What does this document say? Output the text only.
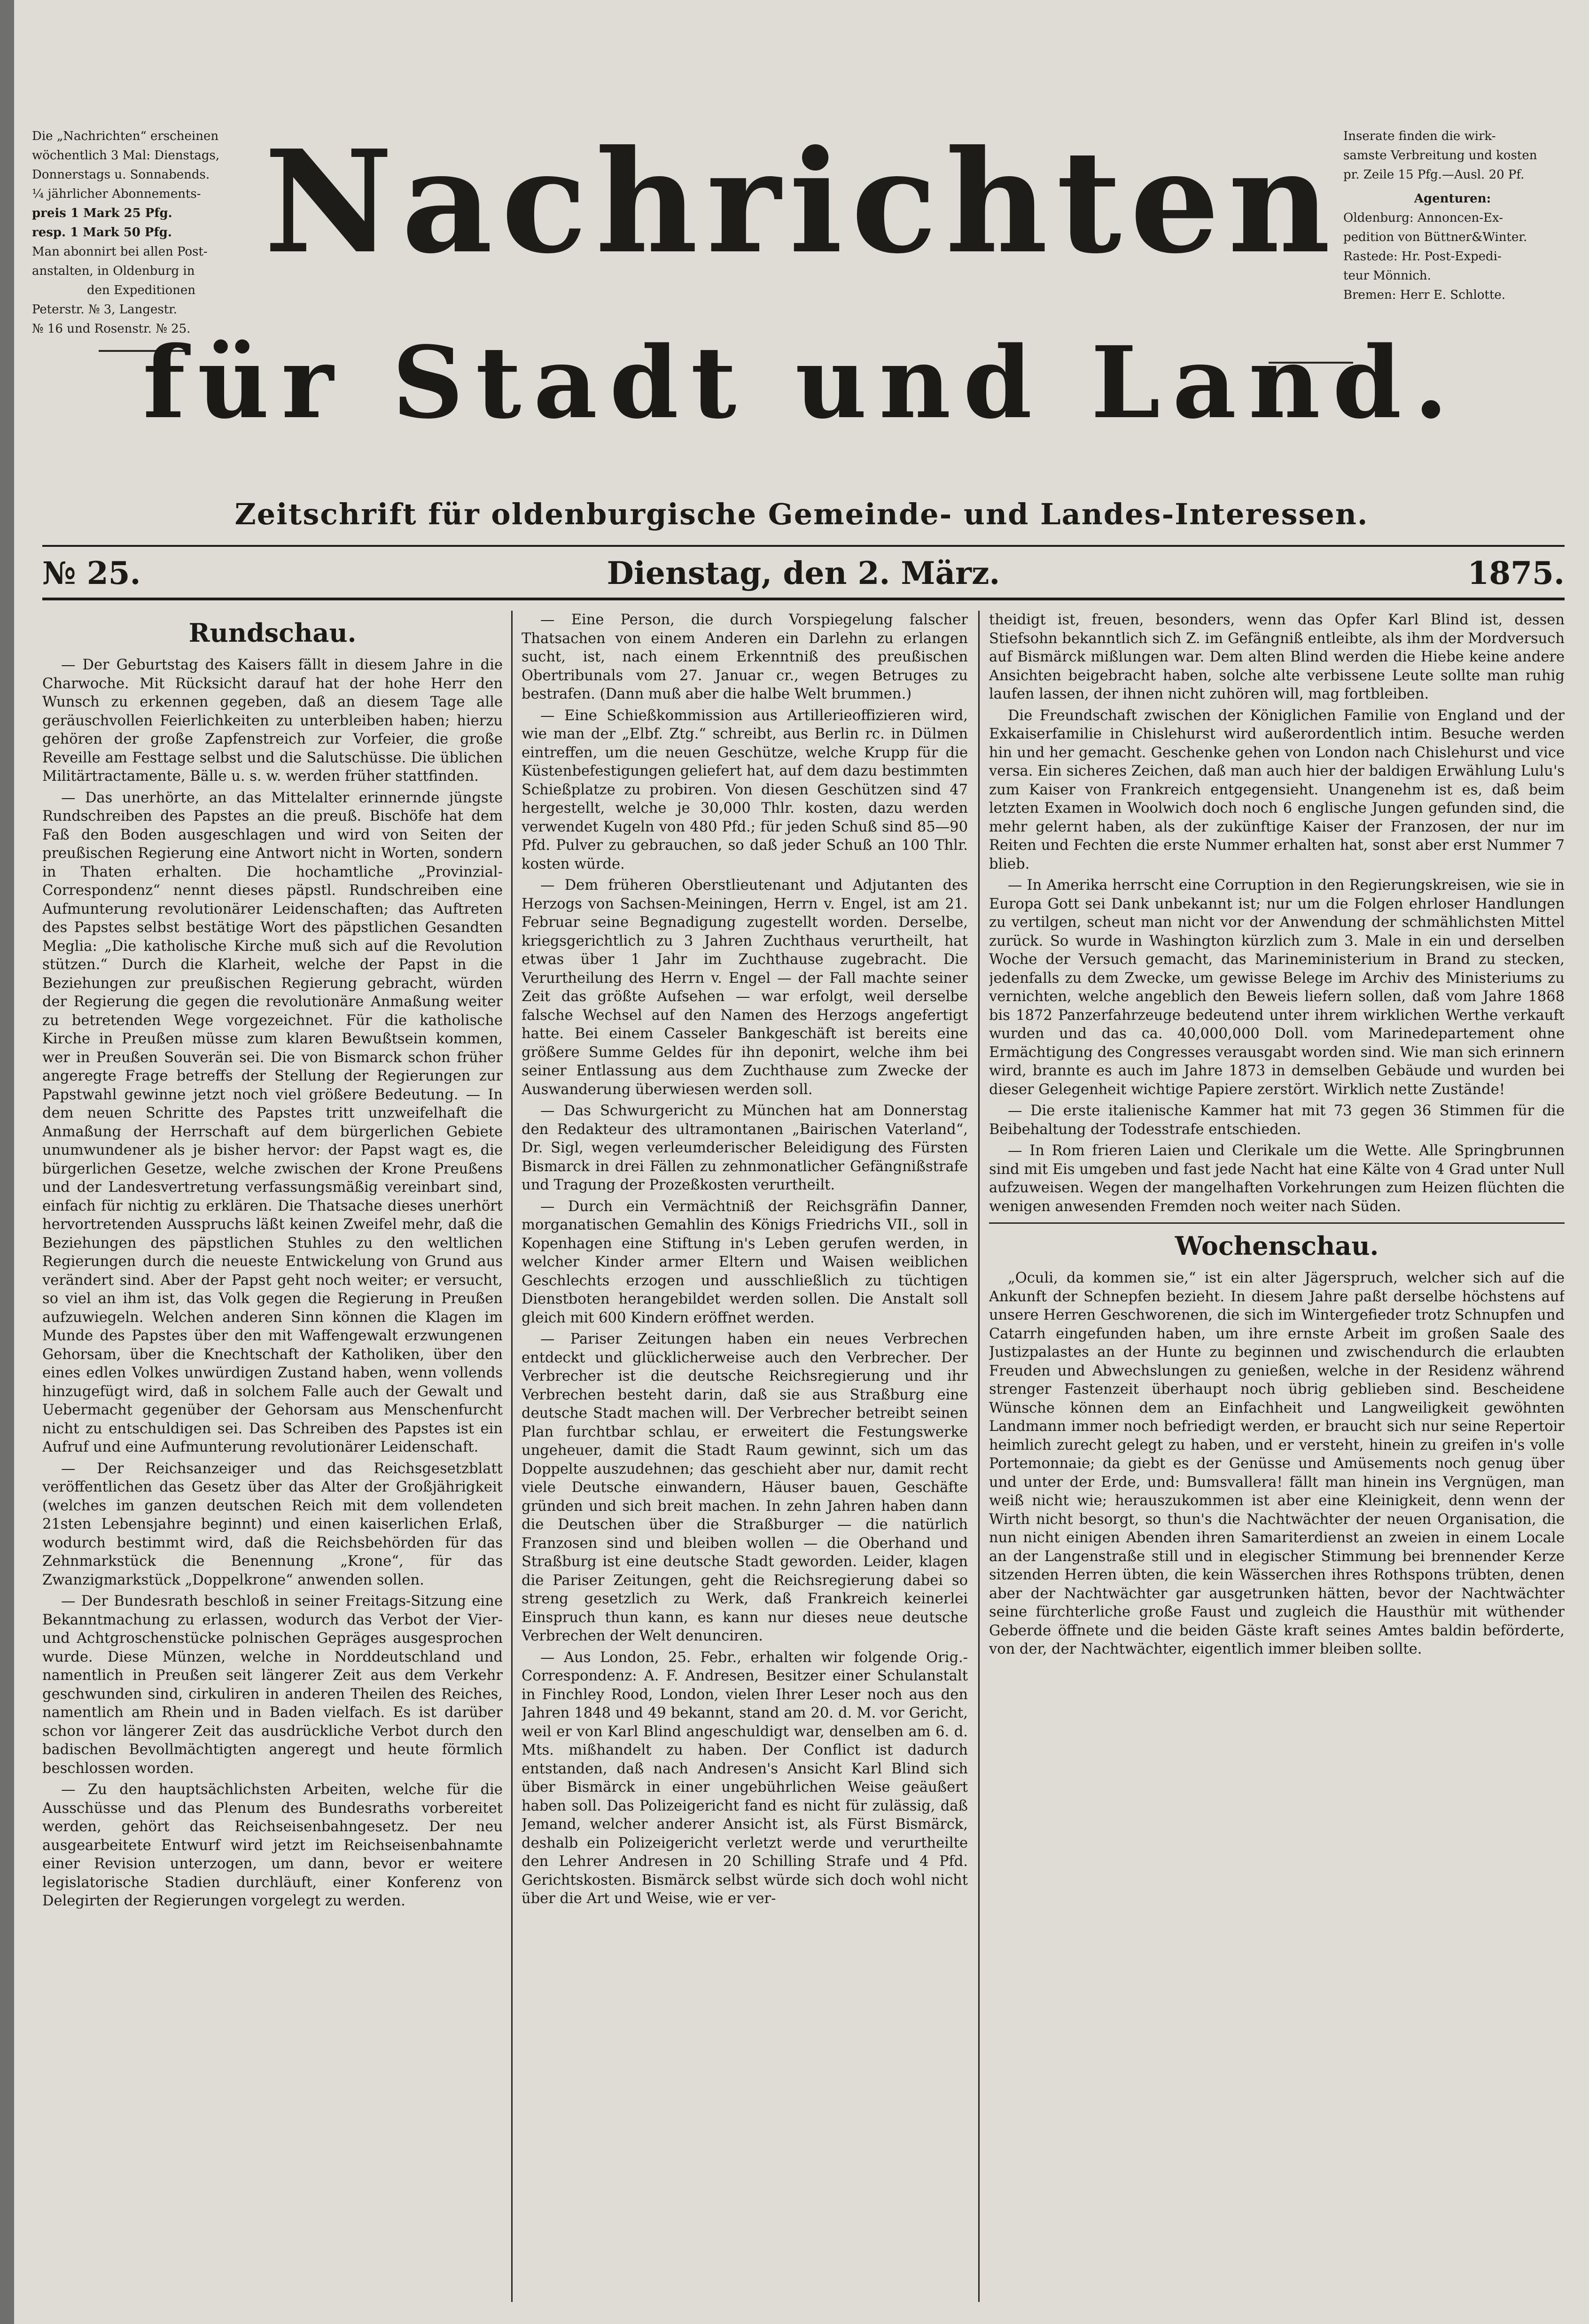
Die „Nachrichten“ erscheinen
wöchentlich 3 Mal: Dienstags,
Donnerstags u. Sonnabends.
¼ jährlicher Abonnements-
preis 1 Mark 25 Pfg.
resp. 1 Mark 50 Pfg.
Man abonnirt bei allen Post-
anstalten, in Oldenburg in
den Expeditionen
Peterstr. № 3, Langestr.
№ 16 und Rosenstr. № 25.
Inserate finden die wirk-
samste Verbreitung und kosten
pr. Zeile 15 Pfg.—Ausl. 20 Pf.
Agenturen:
Oldenburg: Annoncen-Ex-
pedition von Büttner&Winter.
Rastede: Hr. Post-Expedi-
teur Mönnich.
Bremen: Herr E. Schlotte.
Nachrichten
für Stadt und Land.
Zeitschrift für oldenburgische Gemeinde- und Landes-Interessen.
№ 25.	Dienstag, den 2. März.	1875.
Rundschau.

— Der Geburtstag des Kaisers fällt in diesem Jahre in die Charwoche. Mit Rücksicht darauf hat der hohe Herr den Wunsch zu erkennen gegeben, daß an diesem Tage alle geräuschvollen Feierlichkeiten zu unterbleiben haben; hierzu gehören der große Zapfenstreich zur Vorfeier, die große Reveille am Festtage selbst und die Salutschüsse. Die üblichen Militärtractamente, Bälle u. s. w. werden früher stattfinden.

— Das unerhörte, an das Mittelalter erinnernde jüngste Rundschreiben des Papstes an die preuß. Bischöfe hat dem Faß den Boden ausgeschlagen und wird von Seiten der preußischen Regierung eine Antwort nicht in Worten, sondern in Thaten erhalten. Die hochamtliche „Provinzial-Correspondenz“ nennt dieses päpstl. Rundschreiben eine Aufmunterung revolutionärer Leidenschaften; das Auftreten des Papstes selbst bestätige Wort des päpstlichen Gesandten Meglia: „Die katholische Kirche muß sich auf die Revolution stützen.“ Durch die Klarheit, welche der Papst in die Beziehungen zur preußischen Regierung gebracht, würden der Regierung die gegen die revolutionäre Anmaßung weiter zu betretenden Wege vorgezeichnet. Für die katholische Kirche in Preußen müsse zum klaren Bewußtsein kommen, wer in Preußen Souverän sei. Die von Bismarck schon früher angeregte Frage betreffs der Stellung der Regierungen zur Papstwahl gewinne jetzt noch viel größere Bedeutung. — In dem neuen Schritte des Papstes tritt unzweifelhaft die Anmaßung der Herrschaft auf dem bürgerlichen Gebiete unumwundener als je bisher hervor: der Papst wagt es, die bürgerlichen Gesetze, welche zwischen der Krone Preußens und der Landesvertretung verfassungsmäßig vereinbart sind, einfach für nichtig zu erklären. Die Thatsache dieses unerhört hervortretenden Ausspruchs läßt keinen Zweifel mehr, daß die Beziehungen des päpstlichen Stuhles zu den weltlichen Regierungen durch die neueste Entwickelung von Grund aus verändert sind. Aber der Papst geht noch weiter; er versucht, so viel an ihm ist, das Volk gegen die Regierung in Preußen aufzuwiegeln. Welchen anderen Sinn können die Klagen im Munde des Papstes über den mit Waffengewalt erzwungenen Gehorsam, über die Knechtschaft der Katholiken, über den eines edlen Volkes unwürdigen Zustand haben, wenn vollends hinzugefügt wird, daß in solchem Falle auch der Gewalt und Uebermacht gegenüber der Gehorsam aus Menschenfurcht nicht zu entschuldigen sei. Das Schreiben des Papstes ist ein Aufruf und eine Aufmunterung revolutionärer Leidenschaft.

— Der Reichsanzeiger und das Reichsgesetzblatt veröffentlichen das Gesetz über das Alter der Großjährigkeit (welches im ganzen deutschen Reich mit dem vollendeten 21sten Lebensjahre beginnt) und einen kaiserlichen Erlaß, wodurch bestimmt wird, daß die Reichsbehörden für das Zehnmarkstück die Benennung „Krone“, für das Zwanzigmarkstück „Doppelkrone“ anwenden sollen.

— Der Bundesrath beschloß in seiner Freitags-Sitzung eine Bekanntmachung zu erlassen, wodurch das Verbot der Vier- und Achtgroschenstücke polnischen Gepräges ausgesprochen wurde. Diese Münzen, welche in Norddeutschland und namentlich in Preußen seit längerer Zeit aus dem Verkehr geschwunden sind, cirkuliren in anderen Theilen des Reiches, namentlich am Rhein und in Baden vielfach. Es ist darüber schon vor längerer Zeit das ausdrückliche Verbot durch den badischen Bevollmächtigten angeregt und heute förmlich beschlossen worden.

— Zu den hauptsächlichsten Arbeiten, welche für die Ausschüsse und das Plenum des Bundesraths vorbereitet werden, gehört das Reichseisenbahngesetz. Der neu ausgearbeitete Entwurf wird jetzt im Reichseisenbahnamte einer Revision unterzogen, um dann, bevor er weitere legislatorische Stadien durchläuft, einer Konferenz von Delegirten der Regierungen vorgelegt zu werden.

— Eine Person, die durch Vorspiegelung falscher Thatsachen von einem Anderen ein Darlehn zu erlangen sucht, ist, nach einem Erkenntniß des preußischen Obertribunals vom 27. Januar cr., wegen Betruges zu bestrafen. (Dann muß aber die halbe Welt brummen.)

— Eine Schießkommission aus Artillerieoffizieren wird, wie man der „Elbf. Ztg.“ schreibt, aus Berlin rc. in Dülmen eintreffen, um die neuen Geschütze, welche Krupp für die Küstenbefestigungen geliefert hat, auf dem dazu bestimmten Schießplatze zu probiren. Von diesen Geschützen sind 47 hergestellt, welche je 30,000 Thlr. kosten, dazu werden verwendet Kugeln von 480 Pfd.; für jeden Schuß sind 85—90 Pfd. Pulver zu gebrauchen, so daß jeder Schuß an 100 Thlr. kosten würde.

— Dem früheren Oberstlieutenant und Adjutanten des Herzogs von Sachsen-Meiningen, Herrn v. Engel, ist am 21. Februar seine Begnadigung zugestellt worden. Derselbe, kriegsgerichtlich zu 3 Jahren Zuchthaus verurtheilt, hat etwas über 1 Jahr im Zuchthause zugebracht. Die Verurtheilung des Herrn v. Engel — der Fall machte seiner Zeit das größte Aufsehen — war erfolgt, weil derselbe falsche Wechsel auf den Namen des Herzogs angefertigt hatte. Bei einem Casseler Bankgeschäft ist bereits eine größere Summe Geldes für ihn deponirt, welche ihm bei seiner Entlassung aus dem Zuchthause zum Zwecke der Auswanderung überwiesen werden soll.

— Das Schwurgericht zu München hat am Donnerstag den Redakteur des ultramontanen „Bairischen Vaterland“, Dr. Sigl, wegen verleumderischer Beleidigung des Fürsten Bismarck in drei Fällen zu zehnmonatlicher Gefängnißstrafe und Tragung der Prozeßkosten verurtheilt.

— Durch ein Vermächtniß der Reichsgräfin Danner, morganatischen Gemahlin des Königs Friedrichs VII., soll in Kopenhagen eine Stiftung in's Leben gerufen werden, in welcher Kinder armer Eltern und Waisen weiblichen Geschlechts erzogen und ausschließlich zu tüchtigen Dienstboten herangebildet werden sollen. Die Anstalt soll gleich mit 600 Kindern eröffnet werden.

— Pariser Zeitungen haben ein neues Verbrechen entdeckt und glücklicherweise auch den Verbrecher. Der Verbrecher ist die deutsche Reichsregierung und ihr Verbrechen besteht darin, daß sie aus Straßburg eine deutsche Stadt machen will. Der Verbrecher betreibt seinen Plan furchtbar schlau, er erweitert die Festungswerke ungeheuer, damit die Stadt Raum gewinnt, sich um das Doppelte auszudehnen; das geschieht aber nur, damit recht viele Deutsche einwandern, Häuser bauen, Geschäfte gründen und sich breit machen. In zehn Jahren haben dann die Deutschen über die Straßburger — die natürlich Franzosen sind und bleiben wollen — die Oberhand und Straßburg ist eine deutsche Stadt geworden. Leider, klagen die Pariser Zeitungen, geht die Reichsregierung dabei so streng gesetzlich zu Werk, daß Frankreich keinerlei Einspruch thun kann, es kann nur dieses neue deutsche Verbrechen der Welt denunciren.

— Aus London, 25. Febr., erhalten wir folgende Orig.-Correspondenz: A. F. Andresen, Besitzer einer Schulanstalt in Finchley Rood, London, vielen Ihrer Leser noch aus den Jahren 1848 und 49 bekannt, stand am 20. d. M. vor Gericht, weil er von Karl Blind angeschuldigt war, denselben am 6. d. Mts. mißhandelt zu haben. Der Conflict ist dadurch entstanden, daß nach Andresen's Ansicht Karl Blind sich über Bismärck in einer ungebührlichen Weise geäußert haben soll. Das Polizeigericht fand es nicht für zulässig, daß Jemand, welcher anderer Ansicht ist, als Fürst Bismärck, deshalb ein Polizeigericht verletzt werde und verurtheilte den Lehrer Andresen in 20 Schilling Strafe und 4 Pfd. Gerichtskosten. Bismärck selbst würde sich doch wohl nicht über die Art und Weise, wie er ver-

theidigt ist, freuen, besonders, wenn das Opfer Karl Blind ist, dessen Stiefsohn bekanntlich sich Z. im Gefängniß entleibte, als ihm der Mordversuch auf Bismärck mißlungen war. Dem alten Blind werden die Hiebe keine andere Ansichten beigebracht haben, solche alte verbissene Leute sollte man ruhig laufen lassen, der ihnen nicht zuhören will, mag fortbleiben.

Die Freundschaft zwischen der Königlichen Familie von England und der Exkaiserfamilie in Chislehurst wird außerordentlich intim. Besuche werden hin und her gemacht. Geschenke gehen von London nach Chislehurst und vice versa. Ein sicheres Zeichen, daß man auch hier der baldigen Erwählung Lulu's zum Kaiser von Frankreich entgegensieht. Unangenehm ist es, daß beim letzten Examen in Woolwich doch noch 6 englische Jungen gefunden sind, die mehr gelernt haben, als der zukünftige Kaiser der Franzosen, der nur im Reiten und Fechten die erste Nummer erhalten hat, sonst aber erst Nummer 7 blieb.

— In Amerika herrscht eine Corruption in den Regierungskreisen, wie sie in Europa Gott sei Dank unbekannt ist; nur um die Folgen ehrloser Handlungen zu vertilgen, scheut man nicht vor der Anwendung der schmählichsten Mittel zurück. So wurde in Washington kürzlich zum 3. Male in ein und derselben Woche der Versuch gemacht, das Marineministerium in Brand zu stecken, jedenfalls zu dem Zwecke, um gewisse Belege im Archiv des Ministeriums zu vernichten, welche angeblich den Beweis liefern sollen, daß vom Jahre 1868 bis 1872 Panzerfahrzeuge bedeutend unter ihrem wirklichen Werthe verkauft wurden und das ca. 40,000,000 Doll. vom Marinedepartement ohne Ermächtigung des Congresses verausgabt worden sind. Wie man sich erinnern wird, brannte es auch im Jahre 1873 in demselben Gebäude und wurden bei dieser Gelegenheit wichtige Papiere zerstört. Wirklich nette Zustände!

— Die erste italienische Kammer hat mit 73 gegen 36 Stimmen für die Beibehaltung der Todesstrafe entschieden.

— In Rom frieren Laien und Clerikale um die Wette. Alle Springbrunnen sind mit Eis umgeben und fast jede Nacht hat eine Kälte von 4 Grad unter Null aufzuweisen. Wegen der mangelhaften Vorkehrungen zum Heizen flüchten die wenigen anwesenden Fremden noch weiter nach Süden.

Wochenschau.

„Oculi, da kommen sie,“ ist ein alter Jägerspruch, welcher sich auf die Ankunft der Schnepfen bezieht. In diesem Jahre paßt derselbe höchstens auf unsere Herren Geschworenen, die sich im Wintergefieder trotz Schnupfen und Catarrh eingefunden haben, um ihre ernste Arbeit im großen Saale des Justizpalastes an der Hunte zu beginnen und zwischendurch die erlaubten Freuden und Abwechslungen zu genießen, welche in der Residenz während strenger Fastenzeit überhaupt noch übrig geblieben sind. Bescheidene Wünsche können dem an Einfachheit und Langweiligkeit gewöhnten Landmann immer noch befriedigt werden, er braucht sich nur seine Repertoir heimlich zurecht gelegt zu haben, und er versteht, hinein zu greifen in's volle Portemonnaie; da giebt es der Genüsse und Amüsements noch genug über und unter der Erde, und: Bumsvallera! fällt man hinein ins Vergnügen, man weiß nicht wie; herauszukommen ist aber eine Kleinigkeit, denn wenn der Wirth nicht besorgt, so thun's die Nachtwächter der neuen Organisation, die nun nicht einigen Abenden ihren Samariterdienst an zweien in einem Locale an der Langenstraße still und in elegischer Stimmung bei brennender Kerze sitzenden Herren übten, die kein Wässerchen ihres Rothspons trübten, denen aber der Nachtwächter gar ausgetrunken hätten, bevor der Nachtwächter seine fürchterliche große Faust und zugleich die Hausthür mit wüthender Geberde öffnete und die beiden Gäste kraft seines Amtes baldin beförderte, von der, der Nachtwächter, eigentlich immer bleiben sollte.
